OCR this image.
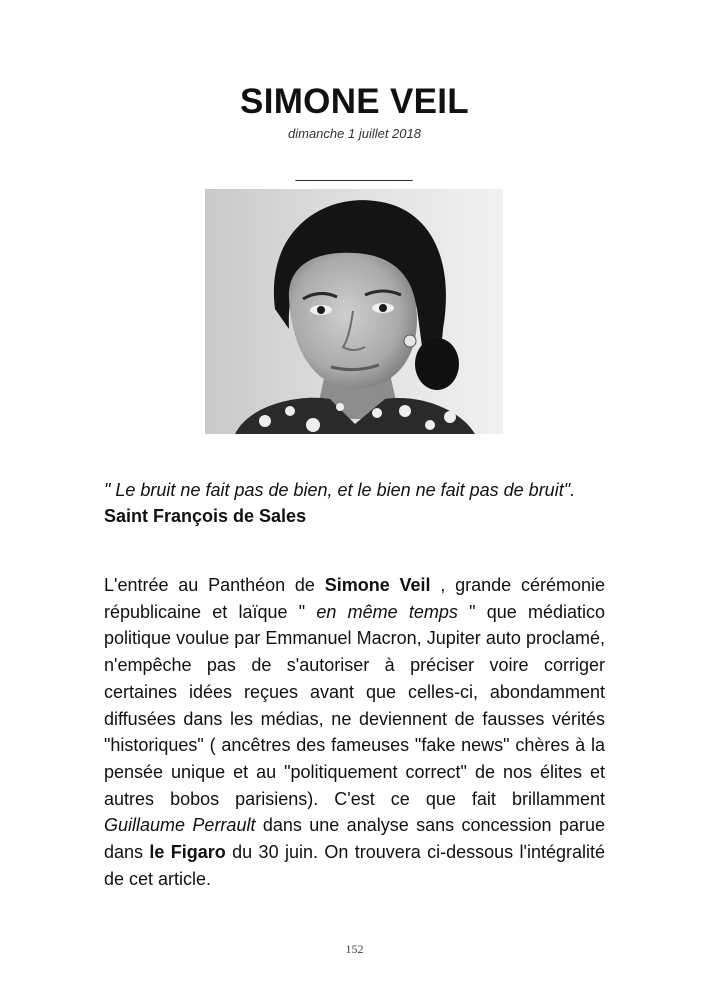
SIMONE VEIL
dimanche 1 juillet 2018
_______________

" Le bruit ne fait pas de bien, et le bien ne fait pas de bruit".
Saint François de Sales

L'entrée au Panthéon de Simone Veil , grande cérémonie républicaine et laïque " en même temps " que médiatico politique voulue par Emmanuel Macron, Jupiter auto proclamé, n'empêche pas de s'autoriser à préciser voire corriger certaines idées reçues avant que celles-ci, abondamment diffusées dans les médias, ne deviennent de fausses vérités "historiques" ( ancêtres des fameuses "fake news" chères à la pensée unique et au "politiquement correct" de nos élites et autres bobos parisiens). C'est ce que fait brillamment Guillaume Perrault dans une analyse sans concession parue dans le Figaro du 30 juin. On trouvera ci-dessous l'intégralité de cet article.

152
